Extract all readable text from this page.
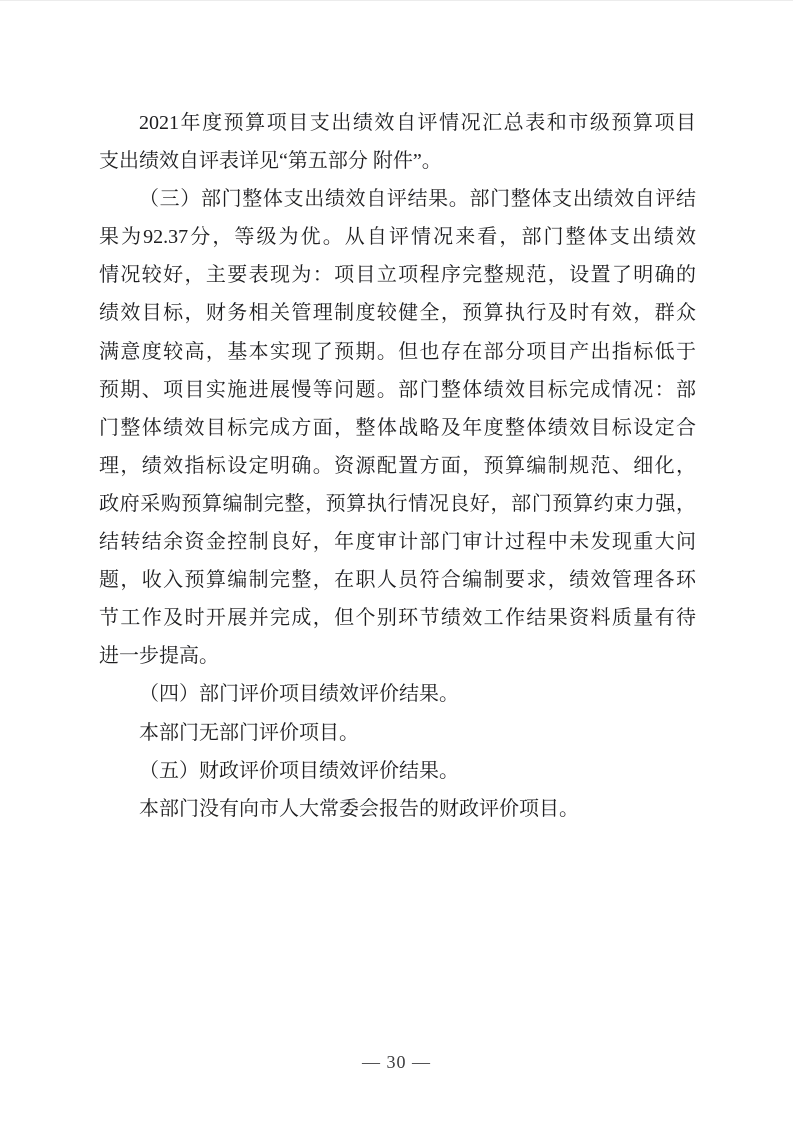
2021年度预算项目支出绩效自评情况汇总表和市级预算项目
支出绩效自评表详见“第五部分 附件”。
（三）部门整体支出绩效自评结果。部门整体支出绩效自评结
果为92.37分，等级为优。从自评情况来看，部门整体支出绩效
情况较好，主要表现为：项目立项程序完整规范，设置了明确的
绩效目标，财务相关管理制度较健全，预算执行及时有效，群众
满意度较高，基本实现了预期。但也存在部分项目产出指标低于
预期、项目实施进展慢等问题。部门整体绩效目标完成情况：部
门整体绩效目标完成方面，整体战略及年度整体绩效目标设定合
理，绩效指标设定明确。资源配置方面，预算编制规范、细化，
政府采购预算编制完整，预算执行情况良好，部门预算约束力强，
结转结余资金控制良好，年度审计部门审计过程中未发现重大问
题，收入预算编制完整，在职人员符合编制要求，绩效管理各环
节工作及时开展并完成，但个别环节绩效工作结果资料质量有待
进一步提高。
（四）部门评价项目绩效评价结果。
本部门无部门评价项目。
（五）财政评价项目绩效评价结果。
本部门没有向市人大常委会报告的财政评价项目。
— 30 —
